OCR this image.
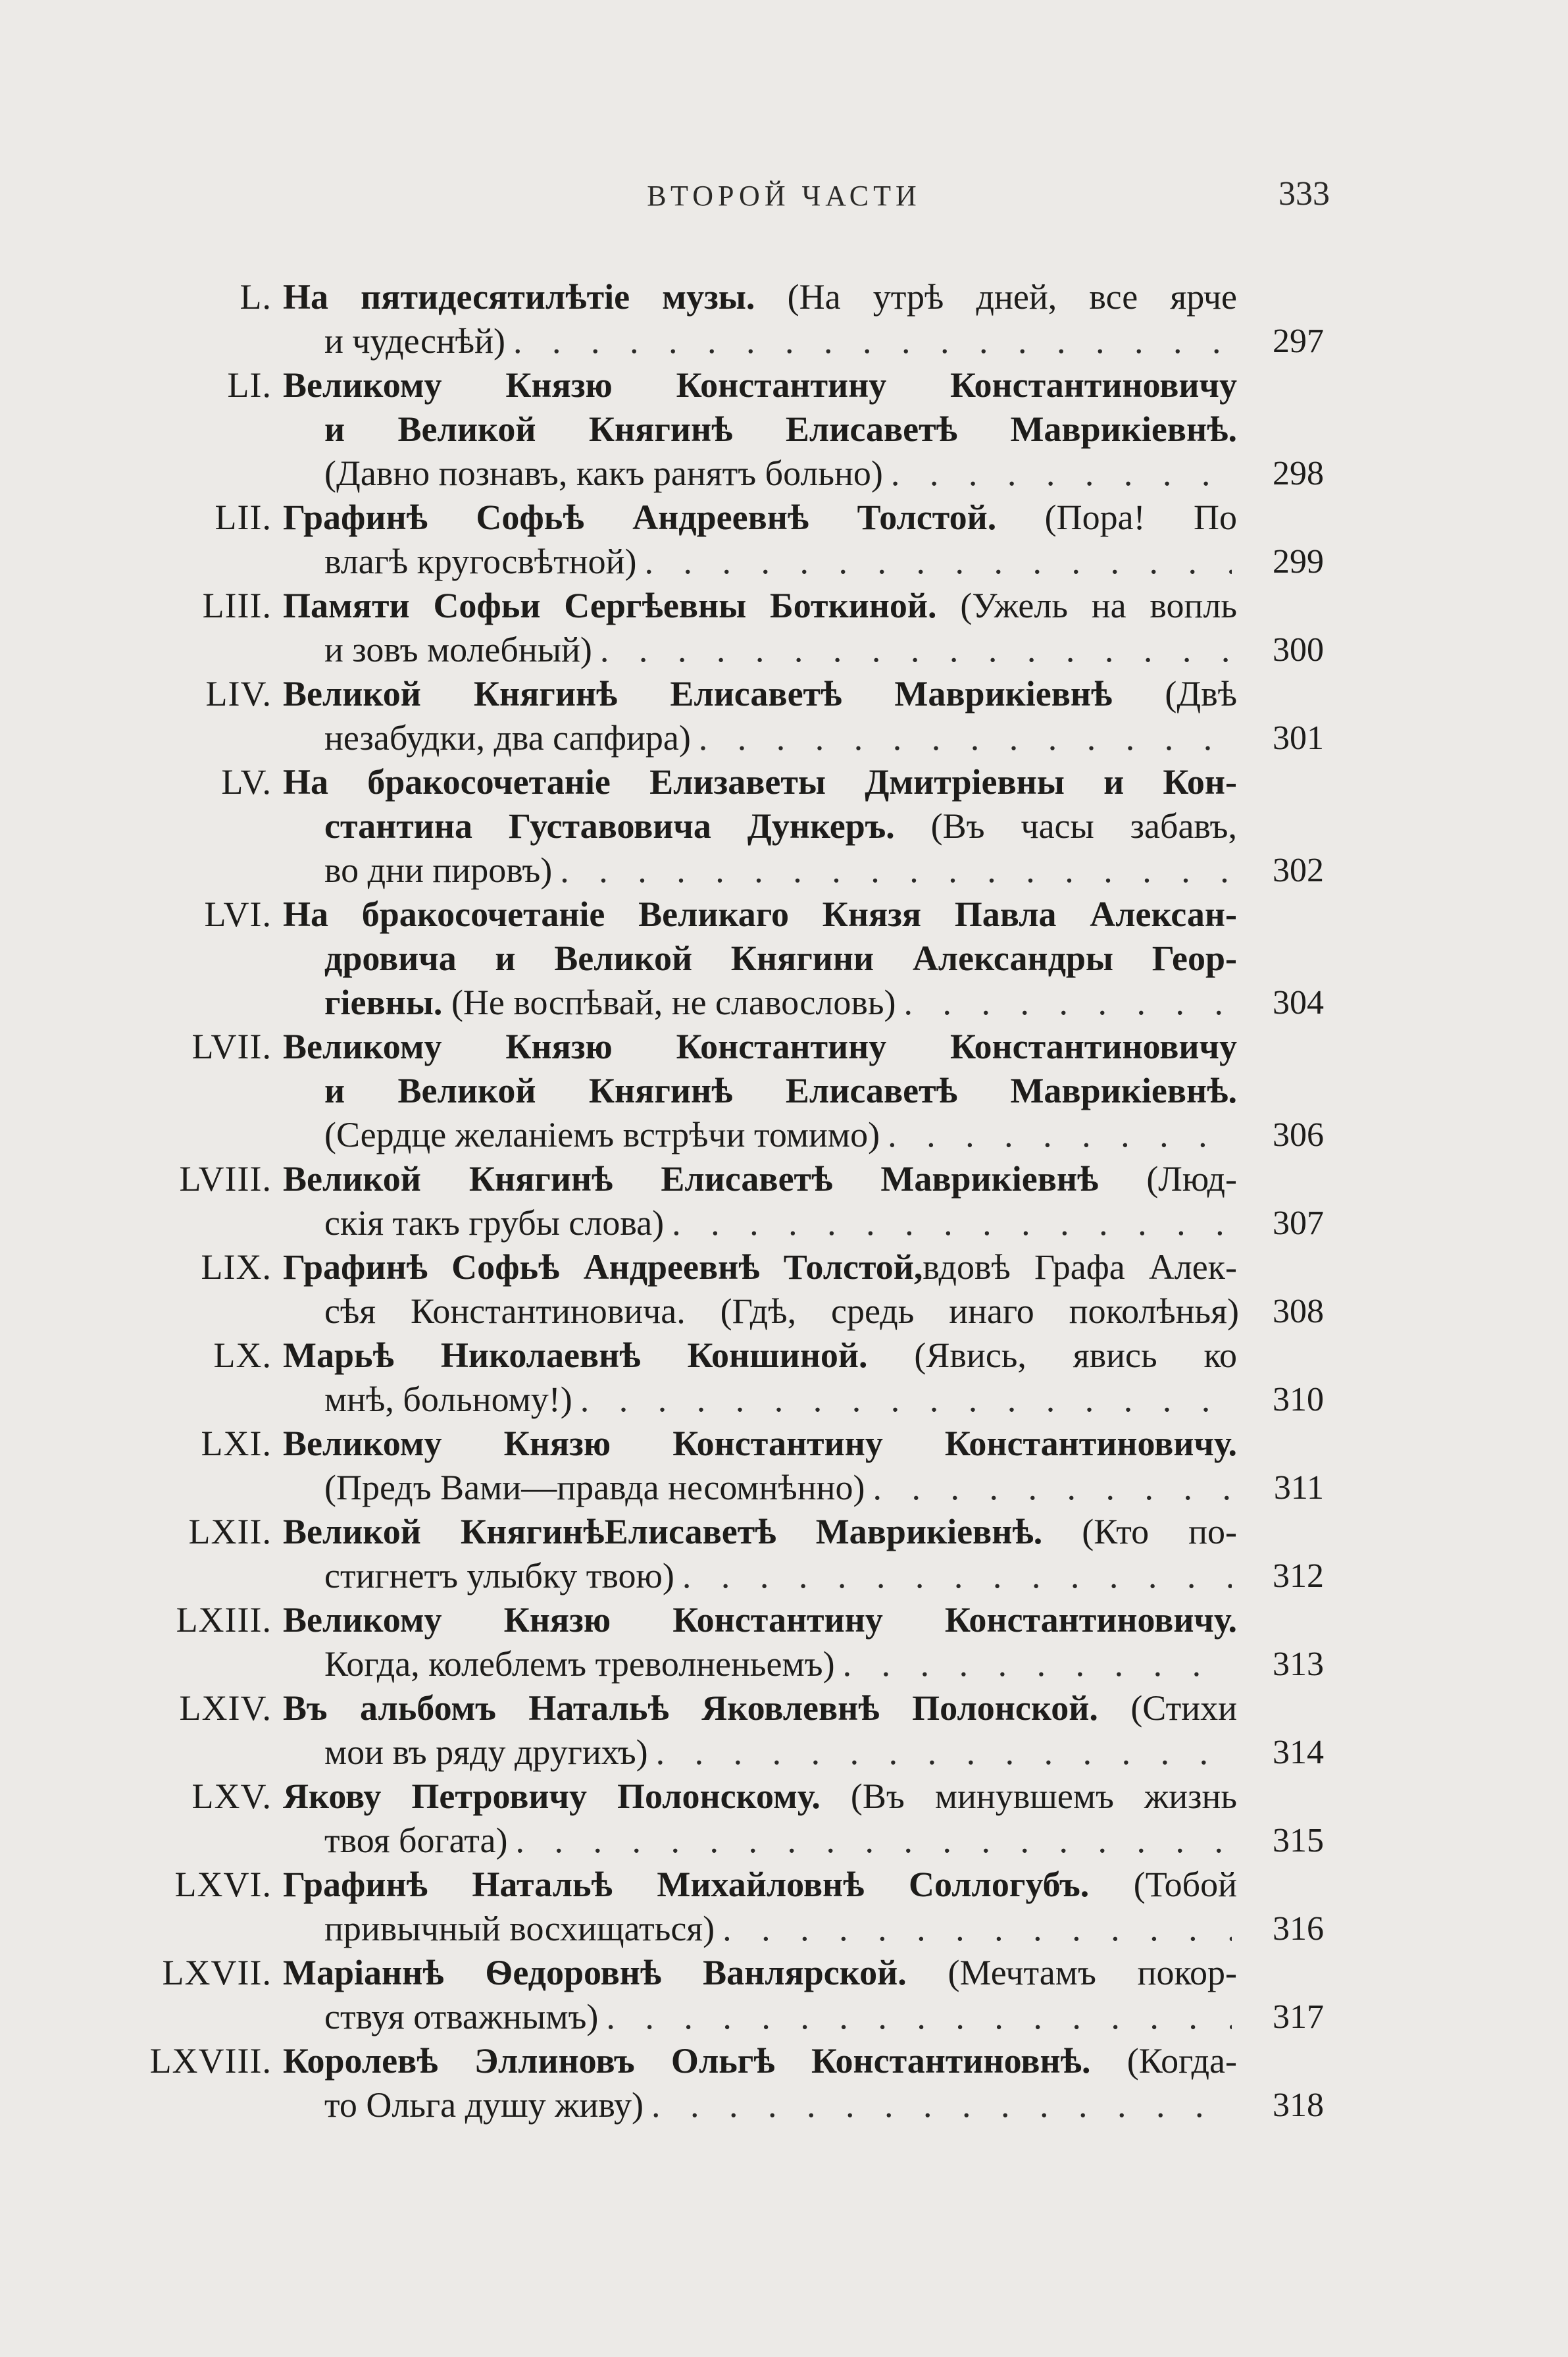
ВТОРОЙ ЧАСТИ	333
L. На пятидесятилѣтіе музы. (На утрѣ дней, все ярче
и чудеснѣй) . . .	297
LI. Великому Князю Константину Константиновичу
и Великой Княгинѣ Елисаветѣ Маврикіевнѣ.
(Давно познавъ, какъ ранятъ больно) . . .	298
LII. Графинѣ Софьѣ Андреевнѣ Толстой. (Пора! По
влагѣ кругосвѣтной) . . .	299
LIII. Памяти Софьи Сергѣевны Боткиной. (Ужель на вопль
и зовъ молебный) . . .	300
LIV. Великой Княгинѣ Елисаветѣ Маврикіевнѣ (Двѣ
незабудки, два сапфира) . . .	301
LV. На бракосочетаніе Елизаветы Дмитріевны и Кон-
стантина Густавовича Дункеръ. (Въ часы забавъ,
во дни пировъ) . . .	302
LVI. На бракосочетаніе Великаго Князя Павла Алексан-
дровича и Великой Княгини Александры Геор-
гіевны.
(Не воспѣвай, не славословь) . . .	304
LVII. Великому Князю Константину Константиновичу
и Великой Княгинѣ Елисаветѣ Маврикіевнѣ.
(Сердце желаніемъ встрѣчи томимо) . . .	306
LVIII. Великой Княгинѣ Елисаветѣ Маврикіевнѣ (Люд-
скія такъ грубы слова) . . .	307
LIX. Графинѣ Софьѣ Андреевнѣ Толстой,вдовѣ Графа Алек-
сѣя Константиновича. (Гдѣ, средь инаго поколѣнья) 308
LX. Марьѣ Николаевнѣ Коншиной. (Явись, явись ко
мнѣ, больному!) . . .	310
LXI. Великому Князю Константину Константиновичу.
(Предъ Вами—правда несомнѣнно) . . .	311
LXII. Великой КнягинѣЕлисаветѣ Маврикіевнѣ. (Кто по-
стигнетъ улыбку твою) . . .	312
LXIII. Великому Князю Константину Константиновичу.
Когда, колеблемъ треволненьемъ) . . .	313
LXIV. Въ альбомъ Натальѣ Яковлевнѣ Полонской. (Стихи
мои въ ряду другихъ) . . .	314
LXV. Якову Петровичу Полонскому. (Въ минувшемъ жизнь
твоя богата) . . .	315
LXVI. Графинѣ Натальѣ Михайловнѣ Соллогубъ. (Тобой
привычный восхищаться) . . .	316
LXVII. Маріаннѣ Ѳедоровнѣ Ванлярской. (Мечтамъ покор-
ствуя отважнымъ) . . .	317
LXVIII. Королевѣ Эллиновъ Ольгѣ Константиновнѣ. (Когда-
то Ольга душу живу) . . .	318
